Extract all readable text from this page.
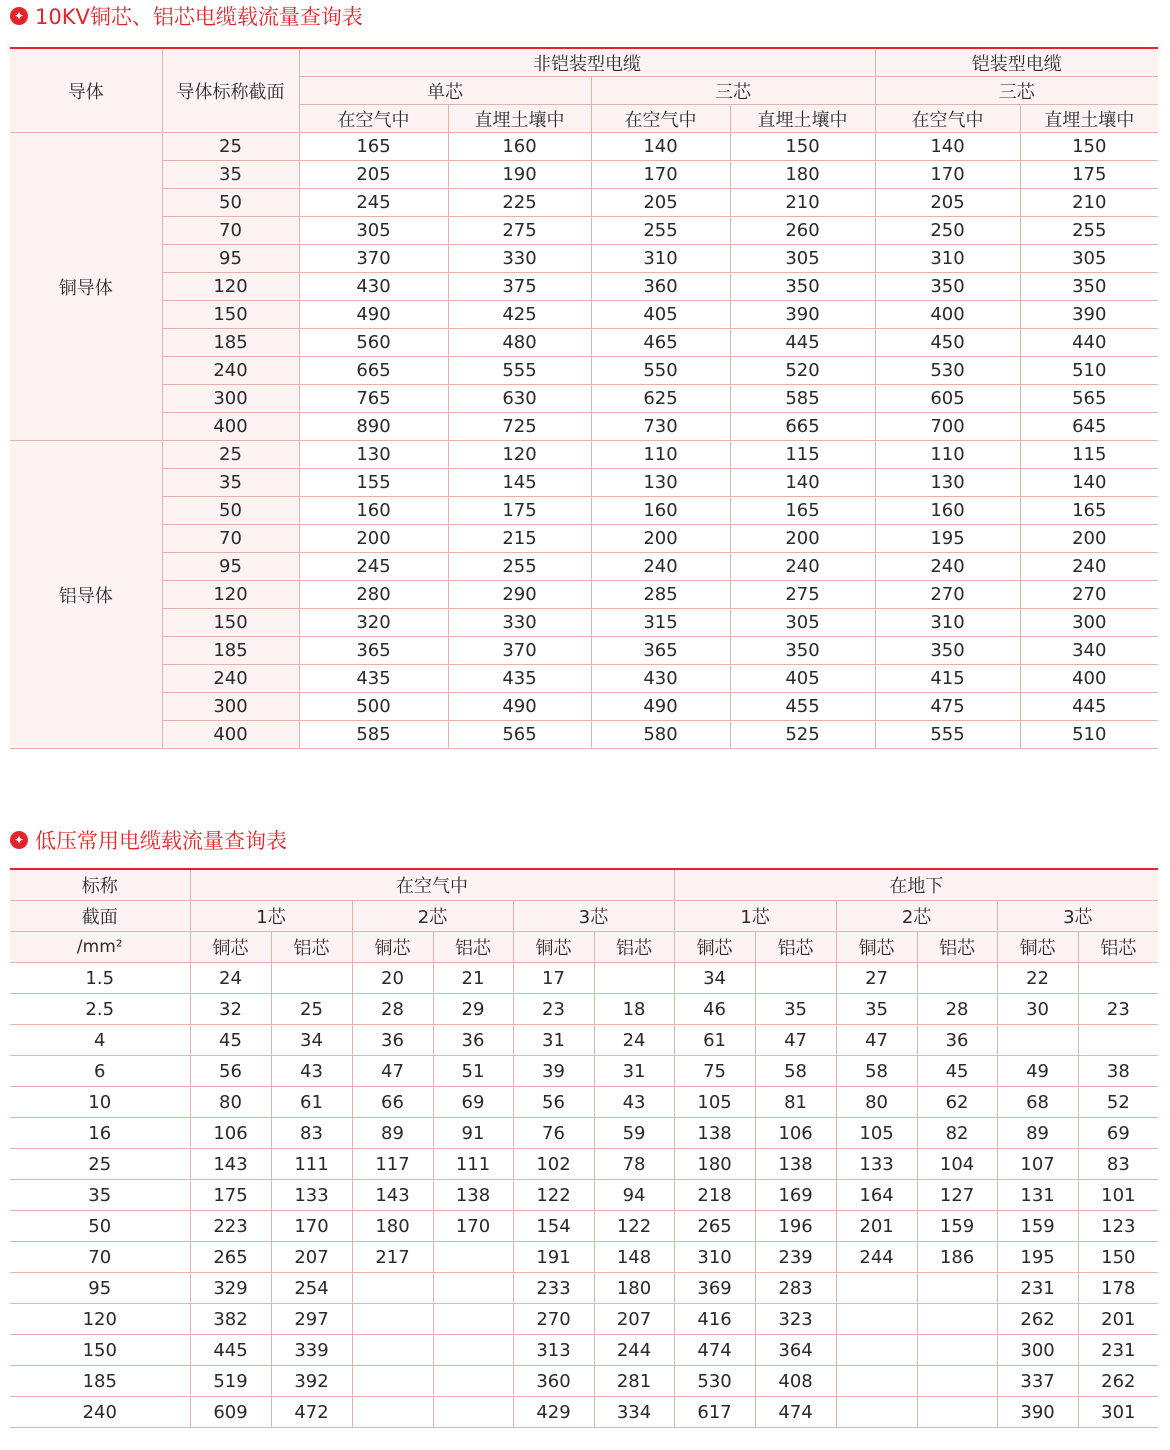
✦ 10KV铜芯、铝芯电缆载流量查询表
导体	导体标称截面	非铠装型电缆				铠装型电缆	
		单芯		三芯		三芯	
		在空气中	直埋土壤中	在空气中	直埋土壤中	在空气中	直埋土壤中
铜导体	25	165	160	140	150	140	150
	35	205	190	170	180	170	175
	50	245	225	205	210	205	210
	70	305	275	255	260	250	255
	95	370	330	310	305	310	305
	120	430	375	360	350	350	350
	150	490	425	405	390	400	390
	185	560	480	465	445	450	440
	240	665	555	550	520	530	510
	300	765	630	625	585	605	565
	400	890	725	730	665	700	645
铝导体	25	130	120	110	115	110	115
	35	155	145	130	140	130	140
	50	160	175	160	165	160	165
	70	200	215	200	200	195	200
	95	245	255	240	240	240	240
	120	280	290	285	275	270	270
	150	320	330	315	305	310	300
	185	365	370	365	350	350	340
	240	435	435	430	405	415	400
	300	500	490	490	455	475	445
	400	585	565	580	525	555	510
✦ 低压常用电缆载流量查询表
标称	在空气中						在地下					
截面	1芯		2芯		3芯		1芯		2芯		3芯	
/mm²	铜芯	铝芯	铜芯	铝芯	铜芯	铝芯	铜芯	铝芯	铜芯	铝芯	铜芯	铝芯
1.5	24		20	21	17		34		27		22	
2.5	32	25	28	29	23	18	46	35	35	28	30	23
4	45	34	36	36	31	24	61	47	47	36		
6	56	43	47	51	39	31	75	58	58	45	49	38
10	80	61	66	69	56	43	105	81	80	62	68	52
16	106	83	89	91	76	59	138	106	105	82	89	69
25	143	111	117	111	102	78	180	138	133	104	107	83
35	175	133	143	138	122	94	218	169	164	127	131	101
50	223	170	180	170	154	122	265	196	201	159	159	123
70	265	207	217		191	148	310	239	244	186	195	150
95	329	254			233	180	369	283			231	178
120	382	297			270	207	416	323			262	201
150	445	339			313	244	474	364			300	231
185	519	392			360	281	530	408			337	262
240	609	472			429	334	617	474			390	301
